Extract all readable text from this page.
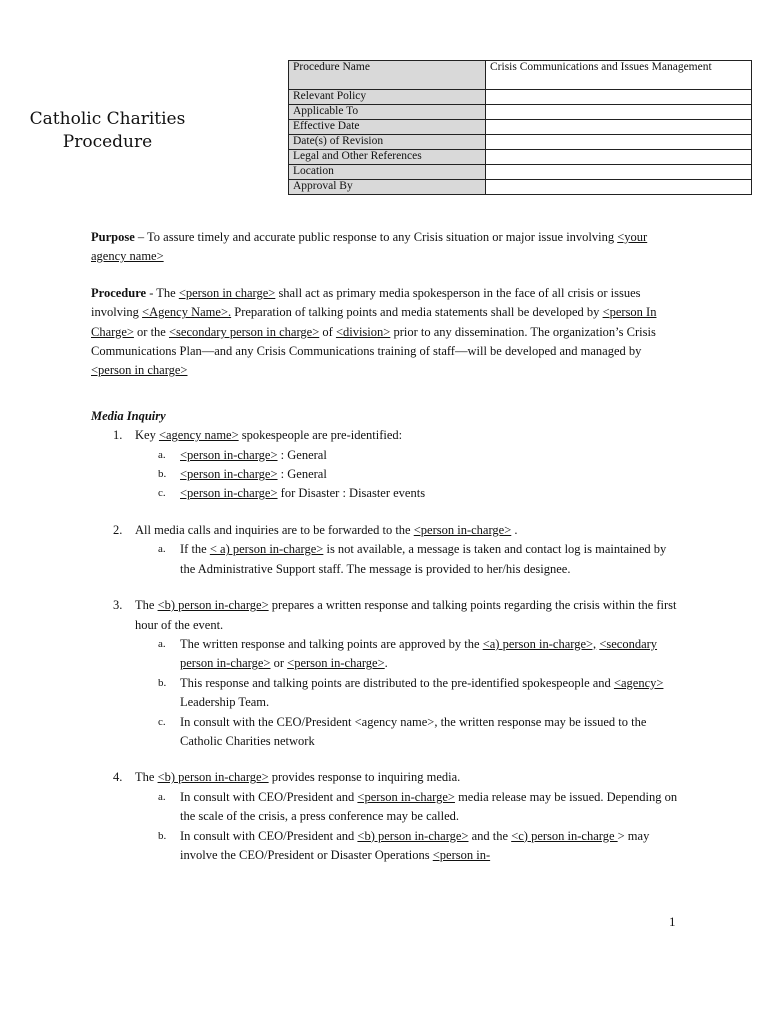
Catholic Charities
Procedure
Procedure Name	Crisis Communications and Issues Management
Relevant Policy	
Applicable To	
Effective Date	
Date(s) of Revision	
Legal and Other References	
Location	
Approval By	

Purpose – To assure timely and accurate public response to any Crisis situation or major issue involving <your agency name>

Procedure - The <person in charge> shall act as primary media spokesperson in the face of all crisis or issues involving <Agency Name>. Preparation of talking points and media statements shall be developed by <person In Charge> or the <secondary person in charge> of <division> prior to any dissemination. The organization’s Crisis Communications Plan—and any Crisis Communications training of staff—will be developed and managed by <person in charge>

Media Inquiry

1. Key <agency name> spokespeople are pre-identified:
a. <person in-charge> : General
b. <person in-charge> : General
c. <person in-charge> for Disaster : Disaster events
2. All media calls and inquiries are to be forwarded to the <person in-charge> .
a. If the < a) person in-charge> is not available, a message is taken and contact log is maintained by the Administrative Support staff. The message is provided to her/his designee.
3. The <b) person in-charge> prepares a written response and talking points regarding the crisis within the first hour of the event.
a. The written response and talking points are approved by the <a) person in-charge>, <secondary person in-charge> or <person in-charge>.
b. This response and talking points are distributed to the pre-identified spokespeople and <agency> Leadership Team.
c. In consult with the CEO/President <agency name>, the written response may be issued to the Catholic Charities network
4. The <b) person in-charge> provides response to inquiring media.
a. In consult with CEO/President and <person in-charge> media release may be issued. Depending on the scale of the crisis, a press conference may be called.
b. In consult with CEO/President and <b) person in-charge> and the <c) person in-charge > may involve the CEO/President or Disaster Operations <person in-
1
